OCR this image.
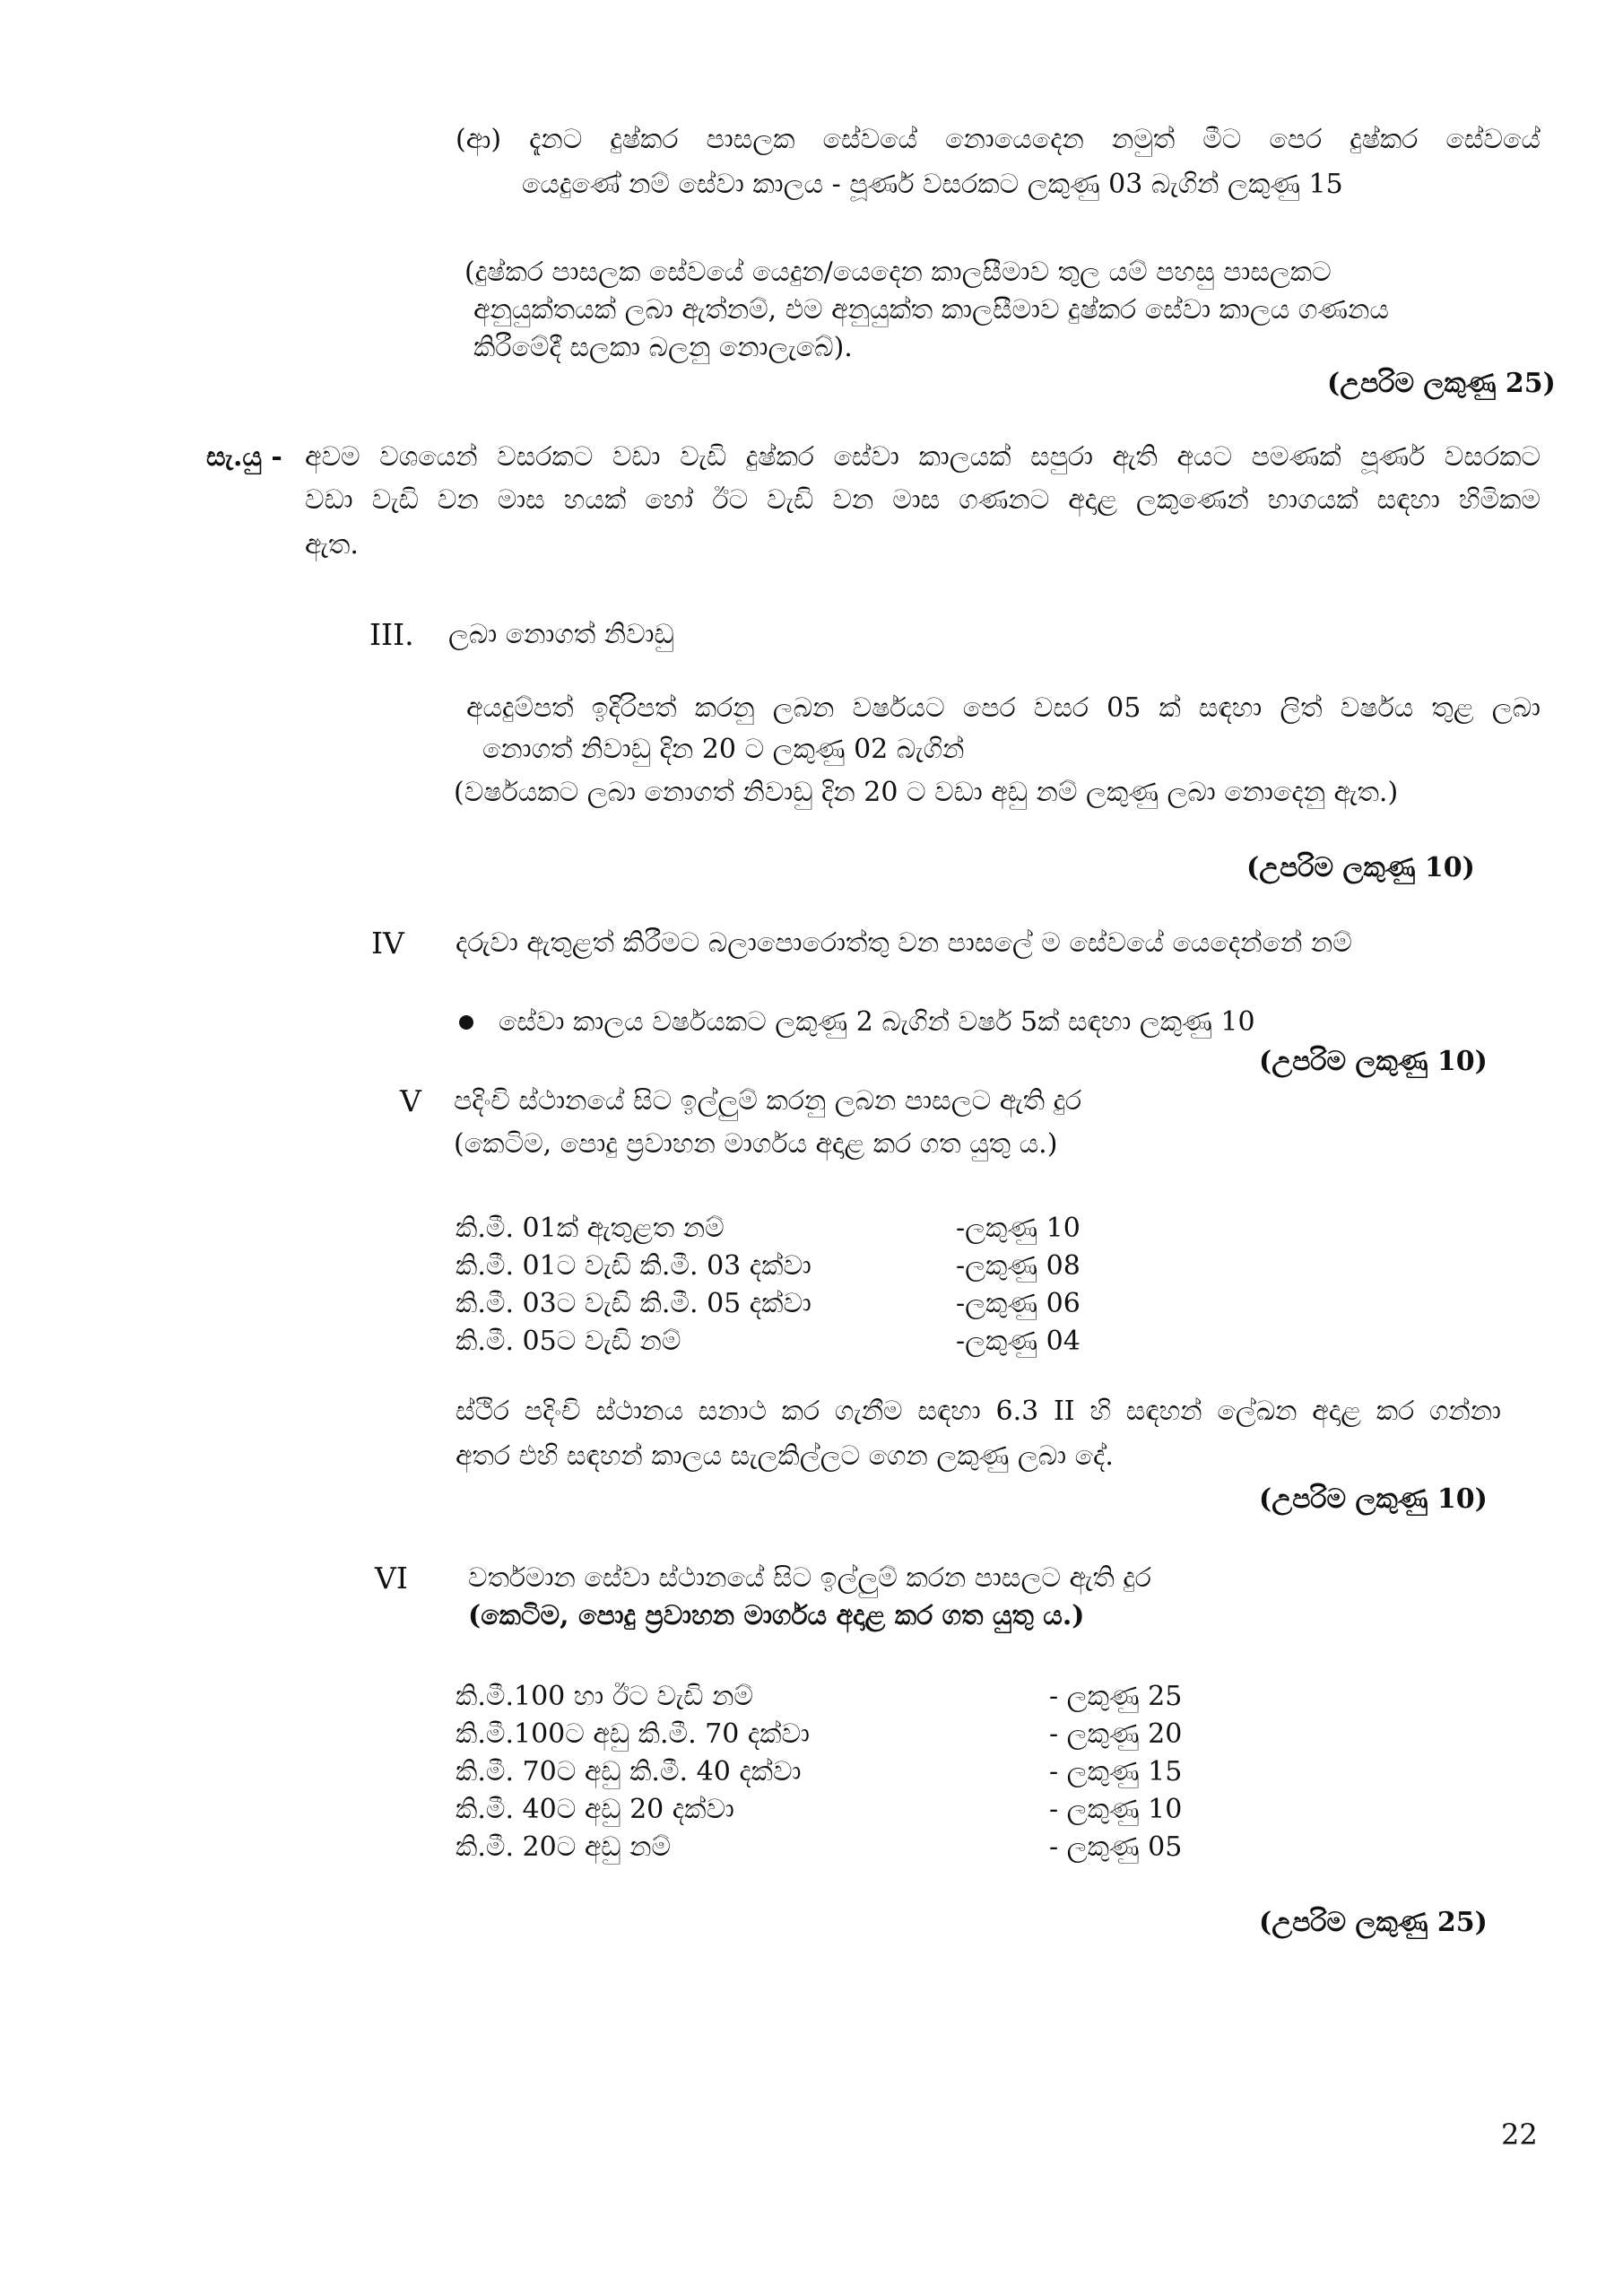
(ආ) දැනට දුෂ්කර පාසලක සේවයේ නොයෙදෙන නමුත් මීට පෙර දුෂ්කර සේවයේ
යෙදුණේ නම් සේවා කාලය - පූර්ණ වසරකට ලකුණු 03 බැගින් ලකුණු 15
(දුෂ්කර පාසලක සේවයේ යෙදුන/යෙදෙන කාලසීමාව තුල යම් පහසු පාසලකට
අනුයුක්තයක් ලබා ඇත්නම්, එම අනුයුක්ත කාලසීමාව දුෂ්කර සේවා කාලය ගණනය
කිරීමේදී සලකා බලනු නොලැබේ).
(උපරිම ලකුණු 25)
සැ.යු - අවම වශයෙන් වසරකට වඩා වැඩි දුෂ්කර සේවා කාලයක් සපුරා ඇති අයට පමණක් පූර්ණ වසරකට
වඩා වැඩි වන මාස හයක් හෝ ඊට වැඩි වන මාස ගණනට අදාළ ලකුණෙන් භාගයක් සඳහා හිමිකම
ඇත.
III. ලබා නොගත් නිවාඩු
අයදුම්පත් ඉදිරිපත් කරනු ලබන වර්ෂයට පෙර වසර 05 ක් සඳහා ලිත් වර්ෂය තුළ ලබා
නොගත් නිවාඩු දින 20 ට ලකුණු 02 බැගින්
(වර්ෂයකට ලබා නොගත් නිවාඩු දින 20 ට වඩා අඩු නම් ලකුණු ලබා නොදෙනු ඇත.)
(උපරිම ලකුණු 10)
IV දරුවා ඇතුළත් කිරීමට බලාපොරොත්තු වන පාසලේ ම සේවයේ යෙදෙන්නේ නම්
සේවා කාලය වර්ෂයකට ලකුණු 2 බැගින් වර්ෂ 5ක් සඳහා ලකුණු 10
(උපරිම ලකුණු 10)
V පදිංචි ස්ථානයේ සිට ඉල්ලුම් කරනු ලබන පාසලට ඇති දුර
(කෙටිම, පොදු ප්‍රවාහන මාර්ගය අදාළ කර ගත යුතු ය.)
කි.මී. 01ක් ඇතුළත නම්	-ලකුණු 10
කි.මී. 01ට වැඩි කි.මී. 03 දක්වා	-ලකුණු 08
කි.මී. 03ට වැඩි කි.මී. 05 දක්වා	-ලකුණු 06
කි.මී. 05ට වැඩි නම්	-ලකුණු 04
ස්ථිර පදිංචි ස්ථානය සනාථ කර ගැනීම සඳහා 6.3 II හි සඳහන් ලේඛන අදාළ කර ගන්නා
අතර එහි සඳහන් කාලය සැලකිල්ලට ගෙන ලකුණු ලබා දේ.
(උපරිම ලකුණු 10)
VI වර්තමාන සේවා ස්ථානයේ සිට ඉල්ලුම් කරන පාසලට ඇති දුර
(කෙටිම, පොදු ප්‍රවාහන මාර්ගය අදාළ කර ගත යුතු ය.)
කි.මී.100 හා ඊට වැඩි නම්	- ලකුණු 25
කි.මී.100ට අඩු කි.මී. 70 දක්වා	- ලකුණු 20
කි.මී. 70ට අඩු කි.මී. 40 දක්වා	- ලකුණු 15
කි.මී. 40ට අඩු 20 දක්වා	- ලකුණු 10
කි.මී. 20ට අඩු නම්	- ලකුණු 05
(උපරිම ලකුණු 25)
22
